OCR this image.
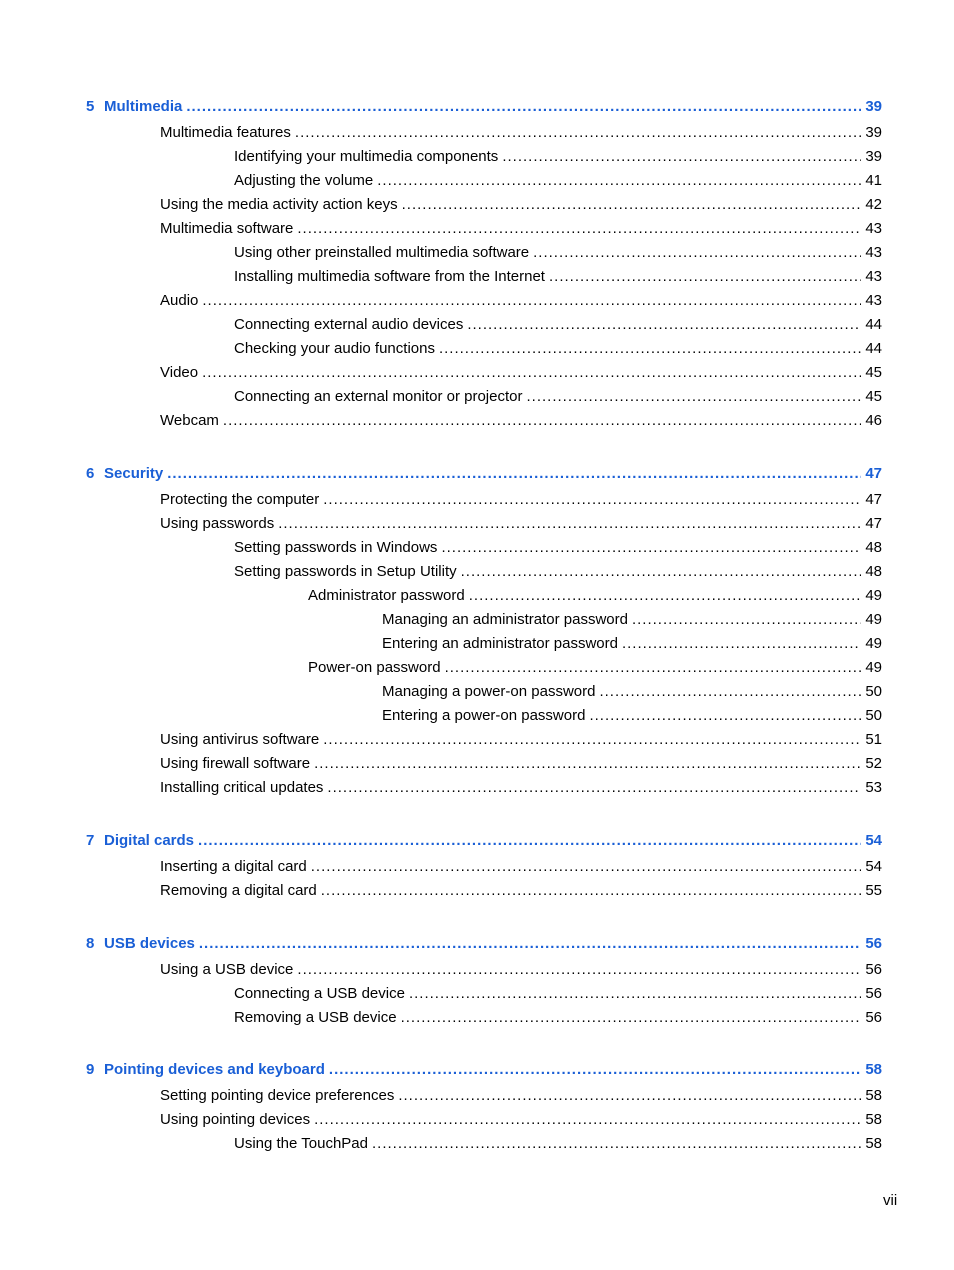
5 Multimedia .....	39
Multimedia features .....	39
Identifying your multimedia components .....	39
Adjusting the volume .....	41
Using the media activity action keys .....	42
Multimedia software .....	43
Using other preinstalled multimedia software .....	43
Installing multimedia software from the Internet .....	43
Audio .....	43
Connecting external audio devices .....	44
Checking your audio functions .....	44
Video .....	45
Connecting an external monitor or projector .....	45
Webcam .....	46
6 Security .....	47
Protecting the computer .....	47
Using passwords .....	47
Setting passwords in Windows .....	48
Setting passwords in Setup Utility .....	48
Administrator password .....	49
Managing an administrator password .....	49
Entering an administrator password .....	49
Power-on password .....	49
Managing a power-on password .....	50
Entering a power-on password .....	50
Using antivirus software .....	51
Using firewall software .....	52
Installing critical updates .....	53
7 Digital cards .....	54
Inserting a digital card .....	54
Removing a digital card .....	55
8 USB devices .....	56
Using a USB device .....	56
Connecting a USB device .....	56
Removing a USB device .....	56
9 Pointing devices and keyboard .....	58
Setting pointing device preferences .....	58
Using pointing devices .....	58
Using the TouchPad .....	58
vii
